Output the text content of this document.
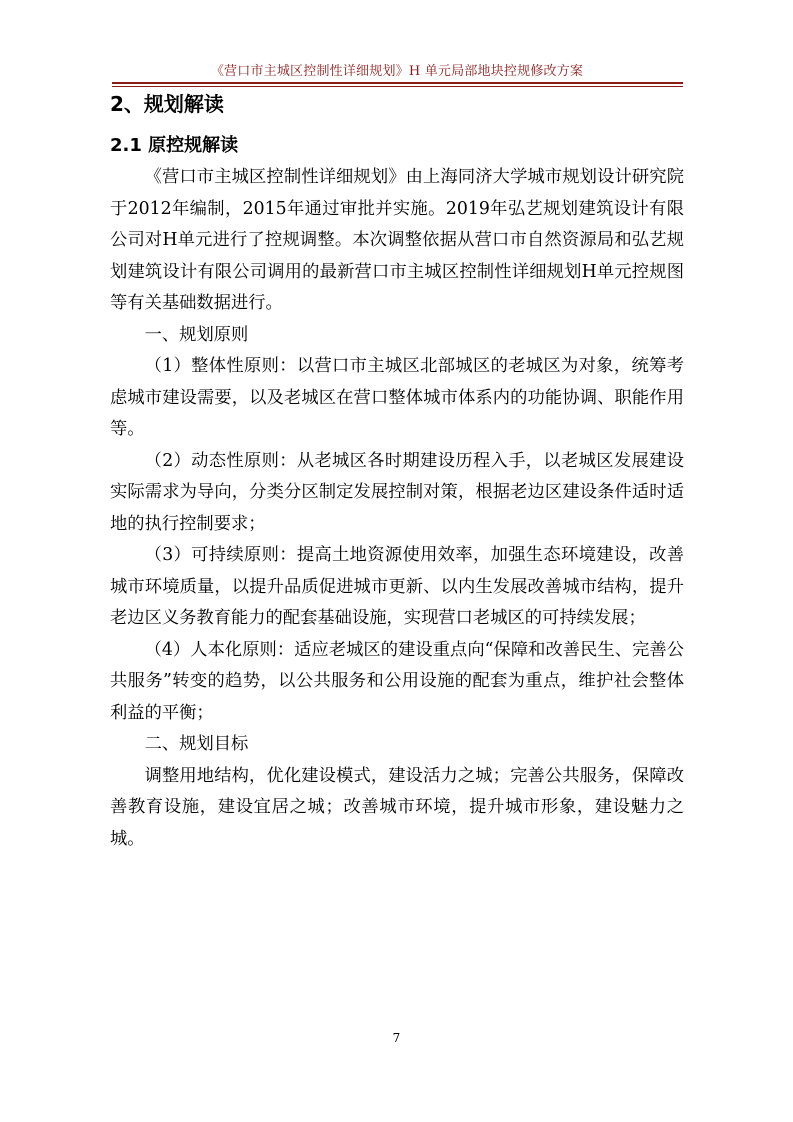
《营口市主城区控制性详细规划》H 单元局部地块控规修改方案
2、规划解读
2.1 原控规解读

《营口市主城区控制性详细规划》由上海同济大学城市规划设计研究院于2012年编制，2015年通过审批并实施。2019年弘艺规划建筑设计有限公司对H单元进行了控规调整。本次调整依据从营口市自然资源局和弘艺规划建筑设计有限公司调用的最新营口市主城区控制性详细规划H单元控规图等有关基础数据进行。

一、规划原则

（1）整体性原则：以营口市主城区北部城区的老城区为对象，统筹考虑城市建设需要，以及老城区在营口整体城市体系内的功能协调、职能作用等。

（2）动态性原则：从老城区各时期建设历程入手，以老城区发展建设实际需求为导向，分类分区制定发展控制对策，根据老边区建设条件适时适地的执行控制要求；

（3）可持续原则：提高土地资源使用效率，加强生态环境建设，改善城市环境质量，以提升品质促进城市更新、以内生发展改善城市结构，提升老边区义务教育能力的配套基础设施，实现营口老城区的可持续发展；

（4）人本化原则：适应老城区的建设重点向“保障和改善民生、完善公共服务”转变的趋势，以公共服务和公用设施的配套为重点，维护社会整体利益的平衡；

二、规划目标

调整用地结构，优化建设模式，建设活力之城；完善公共服务，保障改善教育设施，建设宜居之城；改善城市环境，提升城市形象，建设魅力之城。

7
